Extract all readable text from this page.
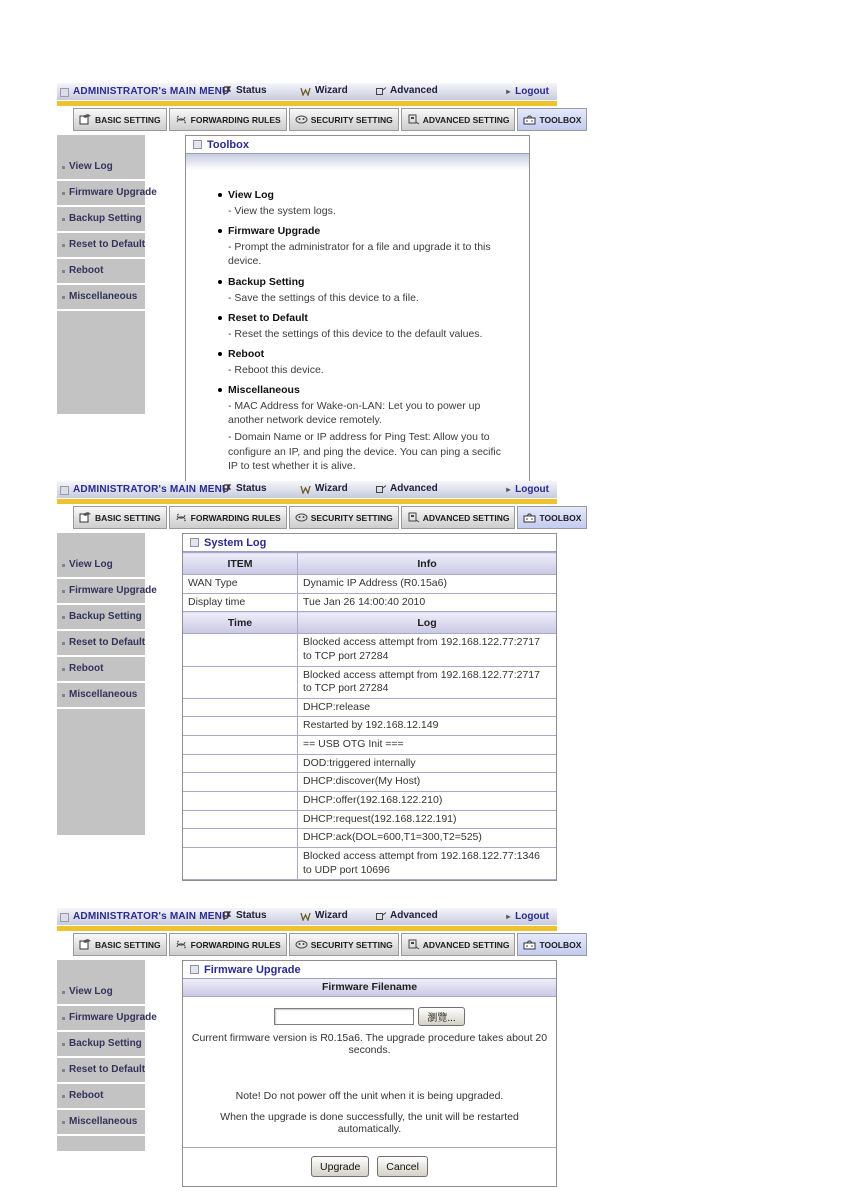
ADMINISTRATOR's MAIN MENU Status	Wizard	Advanced	▸ Logout
BASIC SETTING	FORWARDING RULES	SECURITY SETTING	ADVANCED SETTING	TOOLBOX
View Log
Firmware Upgrade
Backup Setting
Reset to Default
Reboot
Miscellaneous
Toolbox
View Log
- View the system logs.
Firmware Upgrade
- Prompt the administrator for a file and upgrade it to this device.
Backup Setting
- Save the settings of this device to a file.
Reset to Default
- Reset the settings of this device to the default values.
Reboot
- Reboot this device.
Miscellaneous
- MAC Address for Wake-on-LAN: Let you to power up another network device remotely.
- Domain Name or IP address for Ping Test: Allow you to configure an IP, and ping the device. You can ping a secific IP to test whether it is alive.
ADMINISTRATOR's MAIN MENU Status	Wizard	Advanced	▸ Logout
BASIC SETTING	FORWARDING RULES	SECURITY SETTING	ADVANCED SETTING	TOOLBOX
View Log
Firmware Upgrade
Backup Setting
Reset to Default
Reboot
Miscellaneous
System Log
ITEM	Info
WAN Type	Dynamic IP Address (R0.15a6)
Display time	Tue Jan 26 14:00:40 2010
Time	Log
	Blocked access attempt from 192.168.122.77:2717 to TCP port 27284
	Blocked access attempt from 192.168.122.77:2717 to TCP port 27284
	DHCP:release
	Restarted by 192.168.12.149
	== USB OTG Init ===
	DOD:triggered internally
	DHCP:discover(My Host)
	DHCP:offer(192.168.122.210)
	DHCP:request(192.168.122.191)
	DHCP:ack(DOL=600,T1=300,T2=525)
	Blocked access attempt from 192.168.122.77:1346 to UDP port 10696
ADMINISTRATOR's MAIN MENU Status	Wizard	Advanced	▸ Logout
BASIC SETTING	FORWARDING RULES	SECURITY SETTING	ADVANCED SETTING	TOOLBOX
View Log
Firmware Upgrade
Backup Setting
Reset to Default
Reboot
Miscellaneous
Firmware Upgrade
Firmware Filename
瀏覽...
Current firmware version is R0.15a6. The upgrade procedure takes about 20 seconds.
Note! Do not power off the unit when it is being upgraded.
When the upgrade is done successfully, the unit will be restarted automatically.
Upgrade	Cancel
